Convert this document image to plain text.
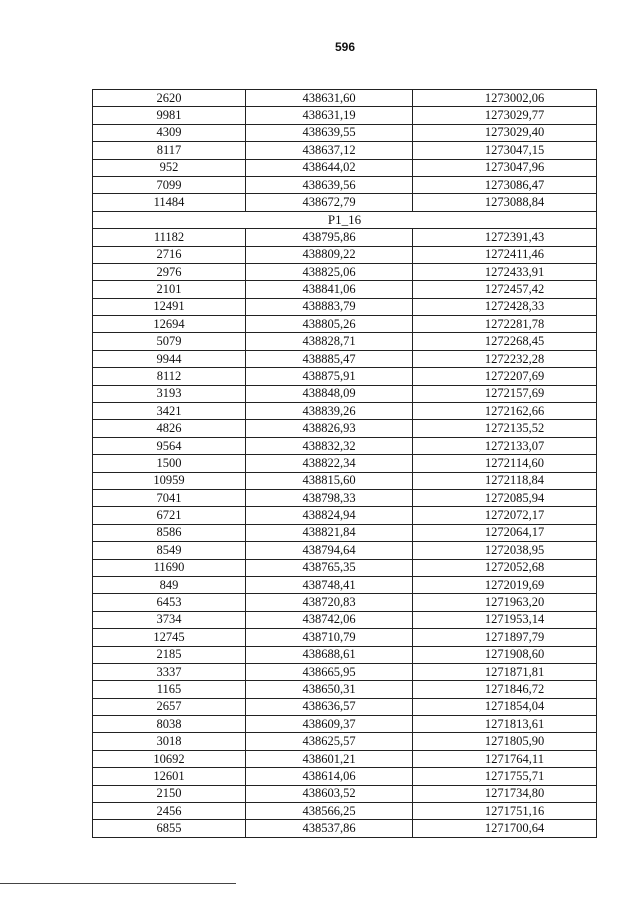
596
2620	438631,60	1273002,06
9981	438631,19	1273029,77
4309	438639,55	1273029,40
8117	438637,12	1273047,15
952	438644,02	1273047,96
7099	438639,56	1273086,47
11484	438672,79	1273088,84
P1_16		
11182	438795,86	1272391,43
2716	438809,22	1272411,46
2976	438825,06	1272433,91
2101	438841,06	1272457,42
12491	438883,79	1272428,33
12694	438805,26	1272281,78
5079	438828,71	1272268,45
9944	438885,47	1272232,28
8112	438875,91	1272207,69
3193	438848,09	1272157,69
3421	438839,26	1272162,66
4826	438826,93	1272135,52
9564	438832,32	1272133,07
1500	438822,34	1272114,60
10959	438815,60	1272118,84
7041	438798,33	1272085,94
6721	438824,94	1272072,17
8586	438821,84	1272064,17
8549	438794,64	1272038,95
11690	438765,35	1272052,68
849	438748,41	1272019,69
6453	438720,83	1271963,20
3734	438742,06	1271953,14
12745	438710,79	1271897,79
2185	438688,61	1271908,60
3337	438665,95	1271871,81
1165	438650,31	1271846,72
2657	438636,57	1271854,04
8038	438609,37	1271813,61
3018	438625,57	1271805,90
10692	438601,21	1271764,11
12601	438614,06	1271755,71
2150	438603,52	1271734,80
2456	438566,25	1271751,16
6855	438537,86	1271700,64
